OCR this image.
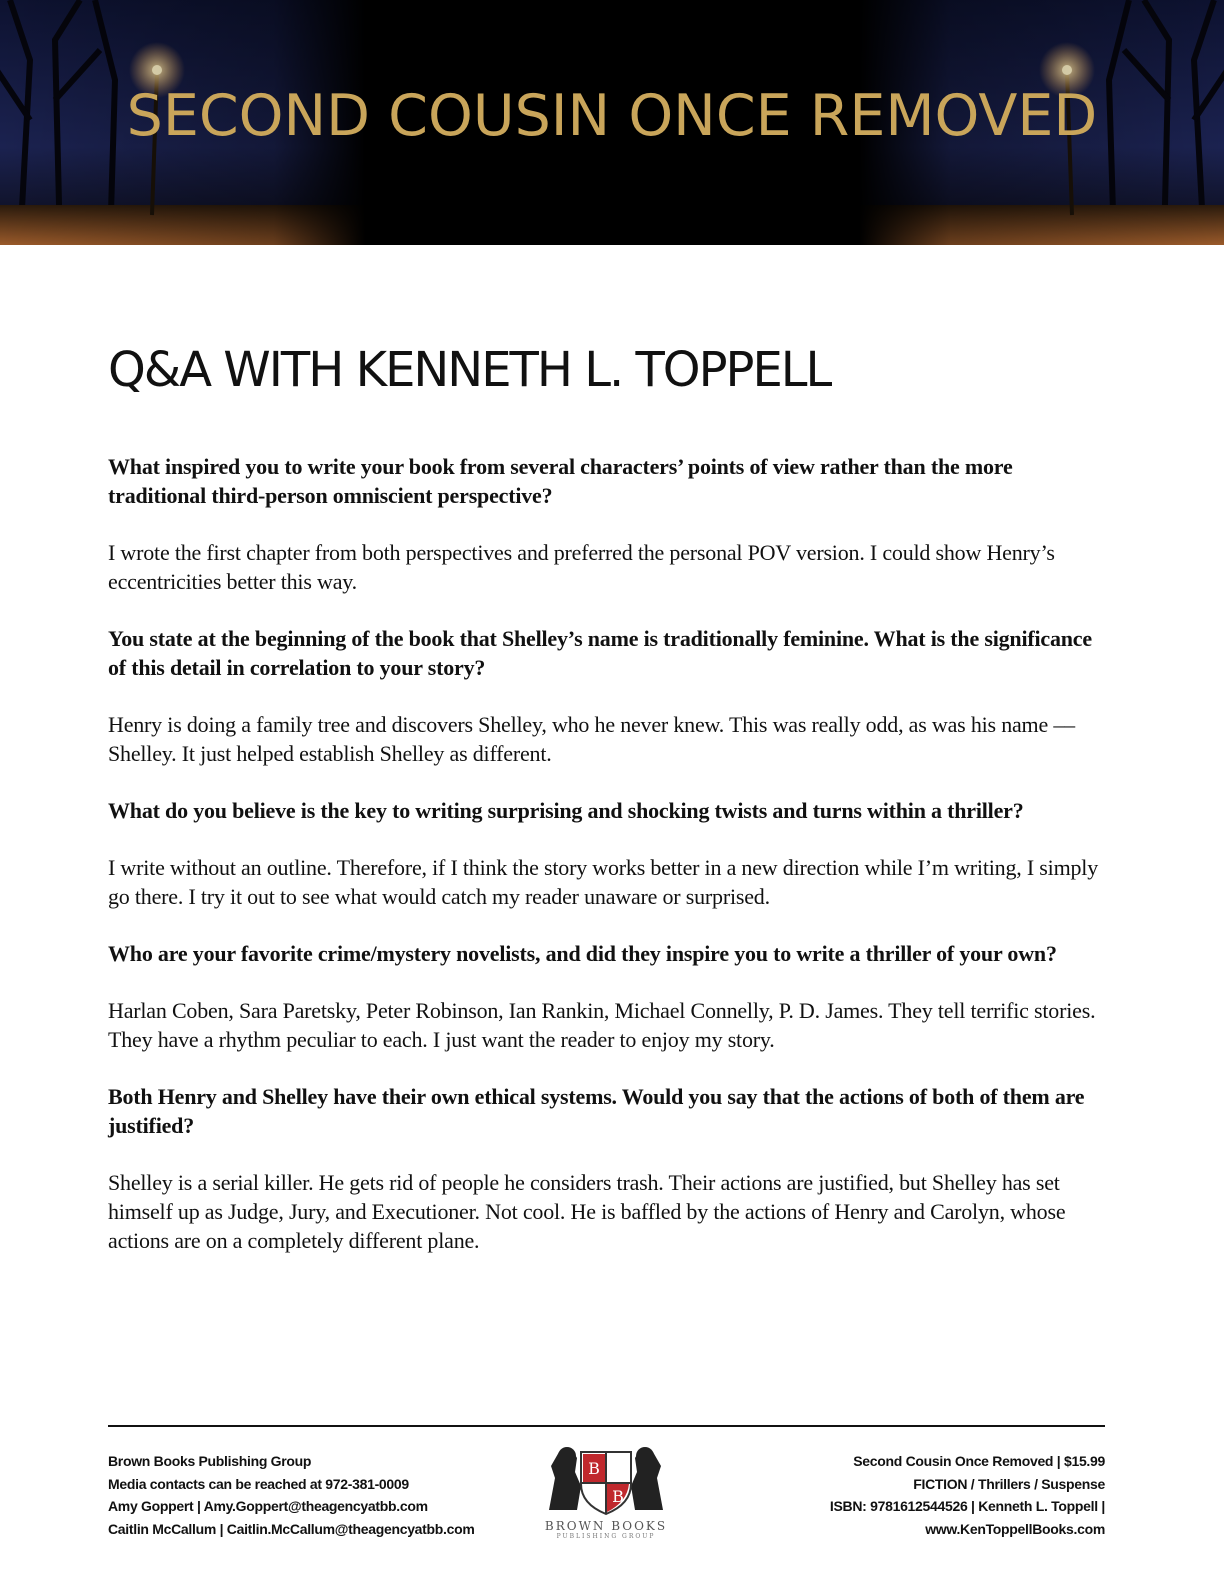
SECOND COUSIN ONCE REMOVED
Q&A WITH KENNETH L. TOPPELL

What inspired you to write your book from several characters’ points of view rather than the more traditional third-person omniscient perspective?

I wrote the first chapter from both perspectives and preferred the personal POV version. I could show Henry’s eccentricities better this way.

You state at the beginning of the book that Shelley’s name is traditionally feminine. What is the significance of this detail in correlation to your story?

Henry is doing a family tree and discovers Shelley, who he never knew. This was really odd, as was his name –– Shelley. It just helped establish Shelley as different.

What do you believe is the key to writing surprising and shocking twists and turns within a thriller?

I write without an outline. Therefore, if I think the story works better in a new direction while I’m writing, I simply go there. I try it out to see what would catch my reader unaware or surprised.

Who are your favorite crime/mystery novelists, and did they inspire you to write a thriller of your own?

Harlan Coben, Sara Paretsky, Peter Robinson, Ian Rankin, Michael Connelly, P. D. James. They tell terrific stories. They have a rhythm peculiar to each. I just want the reader to enjoy my story.

Both Henry and Shelley have their own ethical systems. Would you say that the actions of both of them are justified?

Shelley is a serial killer. He gets rid of people he considers trash. Their actions are justified, but Shelley has set himself up as Judge, Jury, and Executioner. Not cool. He is baffled by the actions of Henry and Carolyn, whose actions are on a completely different plane.

Brown Books Publishing Group
Media contacts can be reached at 972-381-0009
Amy Goppert | Amy.Goppert@theagencyatbb.com
Caitlin McCallum | Caitlin.McCallum@theagencyatbb.com
B
B
BROWN BOOKS
PUBLISHING GROUP
Second Cousin Once Removed | $15.99
FICTION / Thrillers / Suspense
ISBN: 9781612544526 | Kenneth L. Toppell |
www.KenToppellBooks.com
